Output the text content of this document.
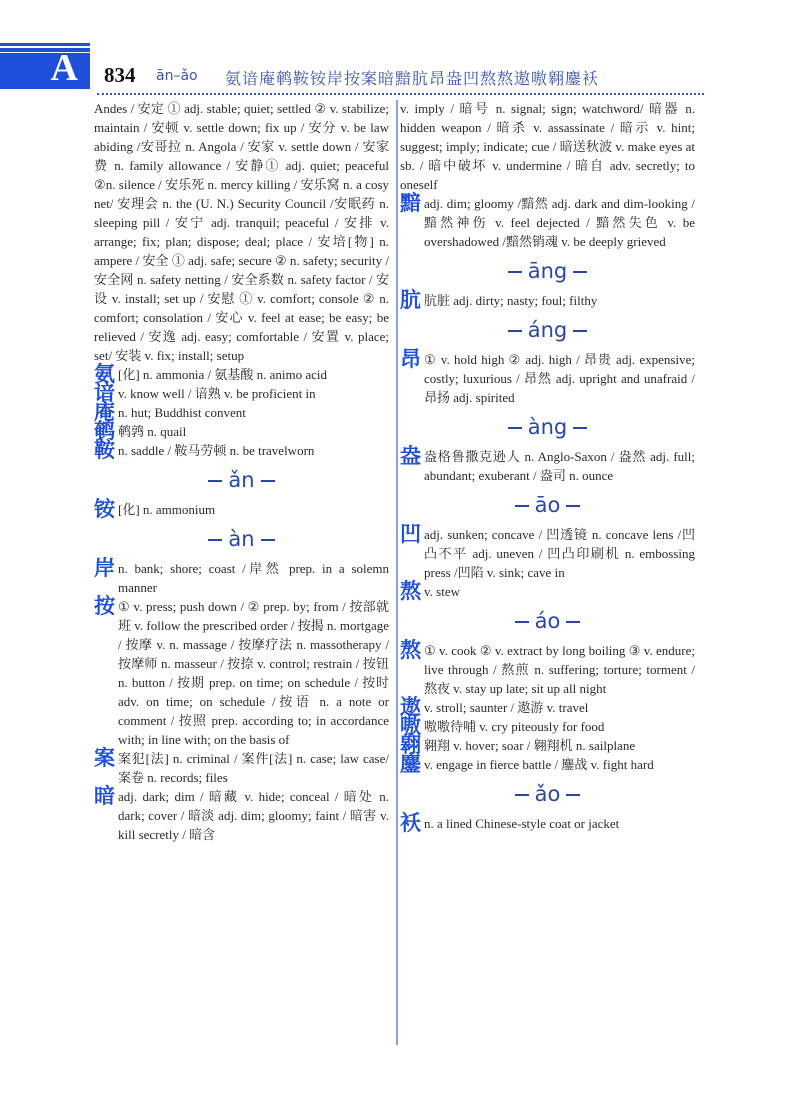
A 834 ān–ǎo 氨谙庵鹌鞍铵岸按案暗黯肮昂盎凹熬熬遨嗷翱鏖袄
Andes / 安定 ① adj. stable; quiet; settled ② v. stabilize; maintain / 安顿 v. settle down; fix up / 安分 v. be law abiding /安哥拉 n. Angola / 安家 v. settle down / 安家费 n. family allowance / 安静① adj. quiet; peaceful ②n. silence / 安乐死 n. mercy killing / 安乐窝 n. a cosy net/ 安理会 n. the (U. N.) Security Council /安眠药 n. sleeping pill / 安宁 adj. tranquil; peaceful / 安排 v. arrange; fix; plan; dispose; deal; place / 安培[物] n. ampere / 安全 ① adj. safe; secure ② n. safety; security / 安全网 n. safety netting / 安全系数 n. safety factor / 安设 v. install; set up / 安慰 ① v. comfort; console ② n. comfort; consolation / 安心 v. feel at ease; be easy; be relieved / 安逸 adj. easy; comfortable / 安置 v. place; set/ 安装 v. fix; install; setup
氨 [化] n. ammonia / 氨基酸 n. animo acid
谙 v. know well / 谙熟 v. be proficient in
庵 n. hut; Buddhist convent
鹌 鹌鹑 n. quail
鞍 n. saddle / 鞍马劳顿 n. be travelworn
ǎn
铵 [化] n. ammonium
àn
岸 n. bank; shore; coast /岸然 prep. in a solemn manner
按 ① v. press; push down / ② prep. by; from / 按部就班 v. follow the prescribed order / 按揭 n. mortgage / 按摩 v. n. massage / 按摩疗法 n. massotherapy / 按摩师 n. masseur / 按捺 v. control; restrain / 按钮 n. button / 按期 prep. on time; on schedule / 按时 adv. on time; on schedule /按语 n. a note or comment / 按照 prep. according to; in accordance with; in line with; on the basis of
案 案犯[法] n. criminal / 案件[法] n. case; law case/ 案卷 n. records; files
暗 adj. dark; dim / 暗藏 v. hide; conceal / 暗处 n. dark; cover / 暗淡 adj. dim; gloomy; faint / 暗害 v. kill secretly / 暗含
v. imply / 暗号 n. signal; sign; watchword/ 暗器 n. hidden weapon / 暗杀 v. assassinate / 暗示 v. hint; suggest; imply; indicate; cue / 暗送秋波 v. make eyes at sb. / 暗中破坏 v. undermine / 暗自 adv. secretly; to oneself
黯 adj. dim; gloomy /黯然 adj. dark and dim-looking /黯然神伤 v. feel dejected / 黯然失色 v. be overshadowed /黯然销魂 v. be deeply grieved
āng
肮 肮脏 adj. dirty; nasty; foul; filthy
áng
昂 ① v. hold high ② adj. high / 昂贵 adj. expensive; costly; luxurious / 昂然 adj. upright and unafraid / 昂扬 adj. spirited
àng
盎 盎格鲁撒克逊人 n. Anglo-Saxon / 盎然 adj. full; abundant; exuberant / 盎司 n. ounce
āo
凹 adj. sunken; concave / 凹透镜 n. concave lens /凹凸不平 adj. uneven / 凹凸印刷机 n. embossing press /凹陷 v. sink; cave in
熬 v. stew
áo
熬 ① v. cook ② v. extract by long boiling ③ v. endure; live through / 熬煎 n. suffering; torture; torment / 熬夜 v. stay up late; sit up all night
遨 v. stroll; saunter / 遨游 v. travel
嗷 嗷嗷待哺 v. cry piteously for food
翱 翱翔 v. hover; soar / 翱翔机 n. sailplane
鏖 v. engage in fierce battle / 鏖战 v. fight hard
ǎo
袄 n. a lined Chinese-style coat or jacket
